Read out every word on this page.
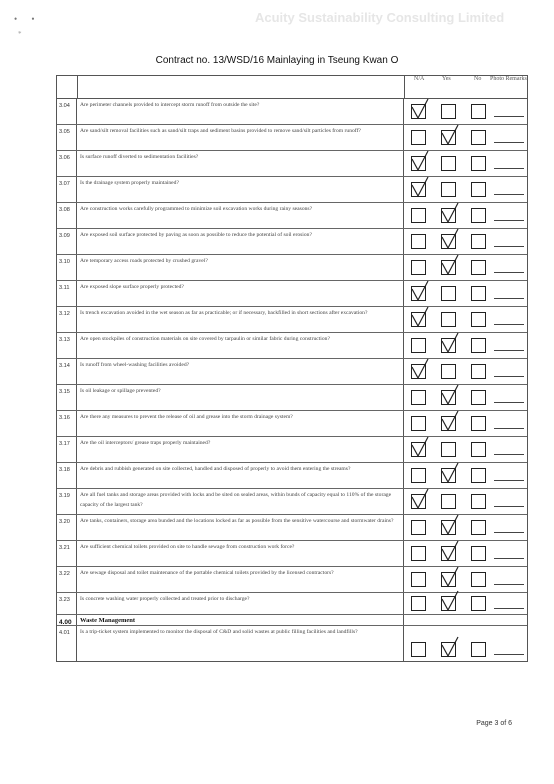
• •
*
Acuity Sustainability Consulting Limited
Contract no. 13/WSD/16 Mainlaying in Tseung Kwan O
N/A	Yes	No Photo Remarks
3.04	Are perimeter channels provided to intercept storm runoff from outside the site?
3.05	Are sand/silt removal facilities such as sand/silt traps and sediment basins provided to remove sand/silt particles from runoff?
3.06	Is surface runoff diverted to sedimentation facilities?
3.07	Is the drainage system properly maintained?
3.08	Are construction works carefully programmed to minimize soil excavation works during rainy seasons?
3.09	Are exposed soil surface protected by paving as soon as possible to reduce the potential of soil erosion?
3.10	Are temporary access roads protected by crushed gravel?
3.11	Are exposed slope surface properly protected?
3.12	Is trench excavation avoided in the wet season as far as practicable; or if necessary, backfilled in short sections after excavation?
3.13	Are open stockpiles of construction materials on site covered by tarpaulin or similar fabric during construction?
3.14	Is runoff from wheel-washing facilities avoided?
3.15	Is oil leakage or spillage prevented?
3.16	Are there any measures to prevent the release of oil and grease into the storm drainage system?
3.17	Are the oil interceptors/ grease traps properly maintained?
3.18	Are debris and rubbish generated on site collected, handled and disposed of properly to avoid them entering the streams?
3.19	Are all fuel tanks and storage areas provided with locks and be sited on sealed areas, within bunds of capacity equal to 110% of the storage capacity of the largest tank?
3.20	Are tanks, containers, storage area bunded and the locations locked as far as possible from the sensitive watercourse and stormwater drains?
3.21	Are sufficient chemical toilets provided on site to handle sewage from construction work force?
3.22	Are sewage disposal and toilet maintenance of the portable chemical toilets provided by the licensed contractors?
3.23	Is concrete washing water properly collected and treated prior to discharge?
4.00	Waste Management
4.01	Is a trip-ticket system implemented to monitor the disposal of C&D and solid wastes at public filling facilities and landfills?
Page 3 of 6
